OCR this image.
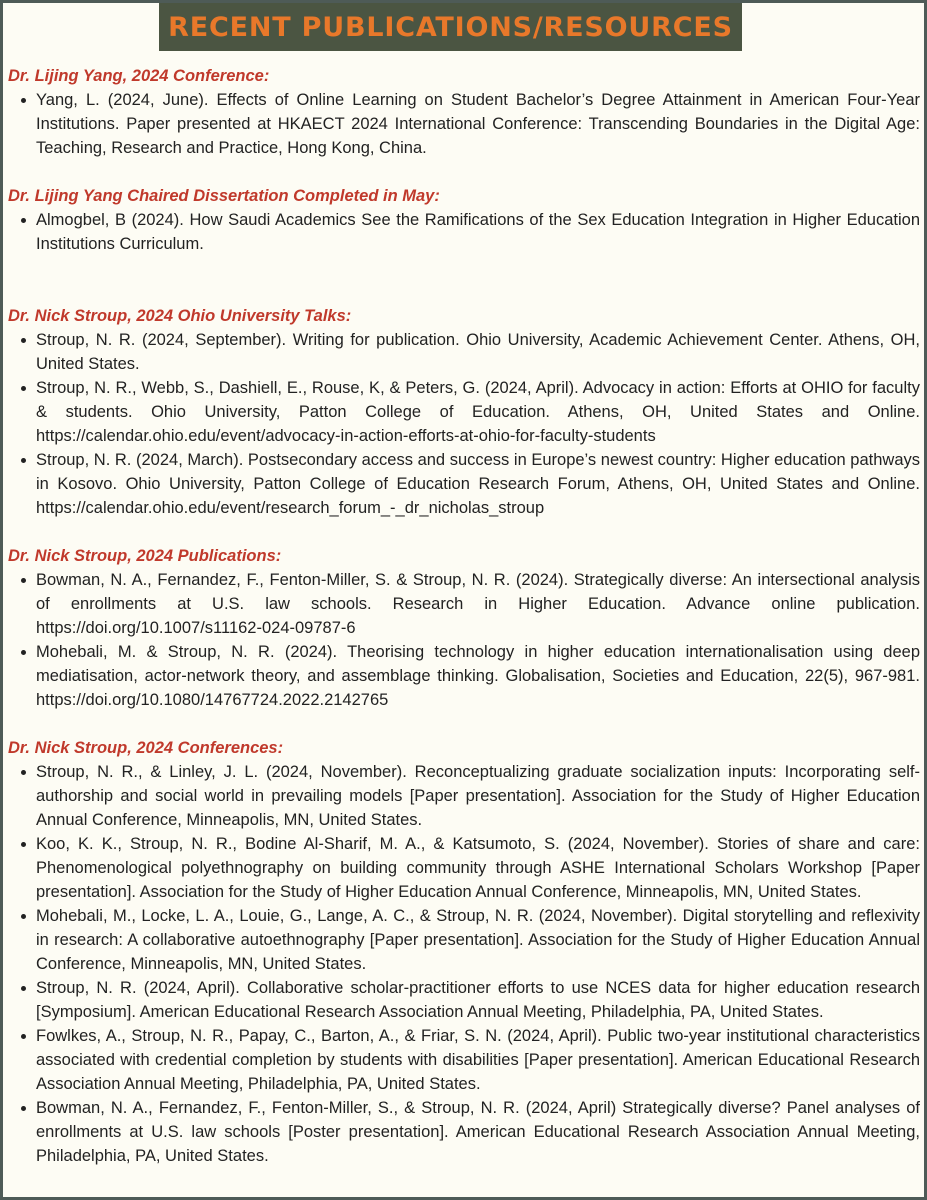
RECENT PUBLICATIONS/RESOURCES
Dr. Lijing Yang, 2024 Conference:
Yang, L. (2024, June). Effects of Online Learning on Student Bachelor’s Degree Attainment in American Four-Year Institutions. Paper presented at HKAECT 2024 International Conference: Transcending Boundaries in the Digital Age: Teaching, Research and Practice, Hong Kong, China.
Dr. Lijing Yang Chaired Dissertation Completed in May:
Almogbel, B (2024). How Saudi Academics See the Ramifications of the Sex Education Integration in Higher Education Institutions Curriculum.
Dr. Nick Stroup, 2024 Ohio University Talks:
Stroup, N. R. (2024, September). Writing for publication. Ohio University, Academic Achievement Center. Athens, OH, United States.
Stroup, N. R., Webb, S., Dashiell, E., Rouse, K, & Peters, G. (2024, April). Advocacy in action: Efforts at OHIO for faculty & students. Ohio University, Patton College of Education. Athens, OH, United States and Online. https://calendar.ohio.edu/event/advocacy-in-action-efforts-at-ohio-for-faculty-students
Stroup, N. R. (2024, March). Postsecondary access and success in Europe’s newest country: Higher education pathways in Kosovo. Ohio University, Patton College of Education Research Forum, Athens, OH, United States and Online. https://calendar.ohio.edu/event/research_forum_-_dr_nicholas_stroup
Dr. Nick Stroup, 2024 Publications:
Bowman, N. A., Fernandez, F., Fenton-Miller, S. & Stroup, N. R. (2024). Strategically diverse: An intersectional analysis of enrollments at U.S. law schools. Research in Higher Education. Advance online publication. https://doi.org/10.1007/s11162-024-09787-6
Mohebali, M. & Stroup, N. R. (2024). Theorising technology in higher education internationalisation using deep mediatisation, actor-network theory, and assemblage thinking. Globalisation, Societies and Education, 22(5), 967-981. https://doi.org/10.1080/14767724.2022.2142765
Dr. Nick Stroup, 2024 Conferences:
Stroup, N. R., & Linley, J. L. (2024, November). Reconceptualizing graduate socialization inputs: Incorporating self-authorship and social world in prevailing models [Paper presentation]. Association for the Study of Higher Education Annual Conference, Minneapolis, MN, United States.
Koo, K. K., Stroup, N. R., Bodine Al-Sharif, M. A., & Katsumoto, S. (2024, November). Stories of share and care: Phenomenological polyethnography on building community through ASHE International Scholars Workshop [Paper presentation]. Association for the Study of Higher Education Annual Conference, Minneapolis, MN, United States.
Mohebali, M., Locke, L. A., Louie, G., Lange, A. C., & Stroup, N. R. (2024, November). Digital storytelling and reflexivity in research: A collaborative autoethnography [Paper presentation]. Association for the Study of Higher Education Annual Conference, Minneapolis, MN, United States.
Stroup, N. R. (2024, April). Collaborative scholar-practitioner efforts to use NCES data for higher education research [Symposium]. American Educational Research Association Annual Meeting, Philadelphia, PA, United States.
Fowlkes, A., Stroup, N. R., Papay, C., Barton, A., & Friar, S. N. (2024, April). Public two-year institutional characteristics associated with credential completion by students with disabilities [Paper presentation]. American Educational Research Association Annual Meeting, Philadelphia, PA, United States.
Bowman, N. A., Fernandez, F., Fenton-Miller, S., & Stroup, N. R. (2024, April) Strategically diverse? Panel analyses of enrollments at U.S. law schools [Poster presentation]. American Educational Research Association Annual Meeting, Philadelphia, PA, United States.
